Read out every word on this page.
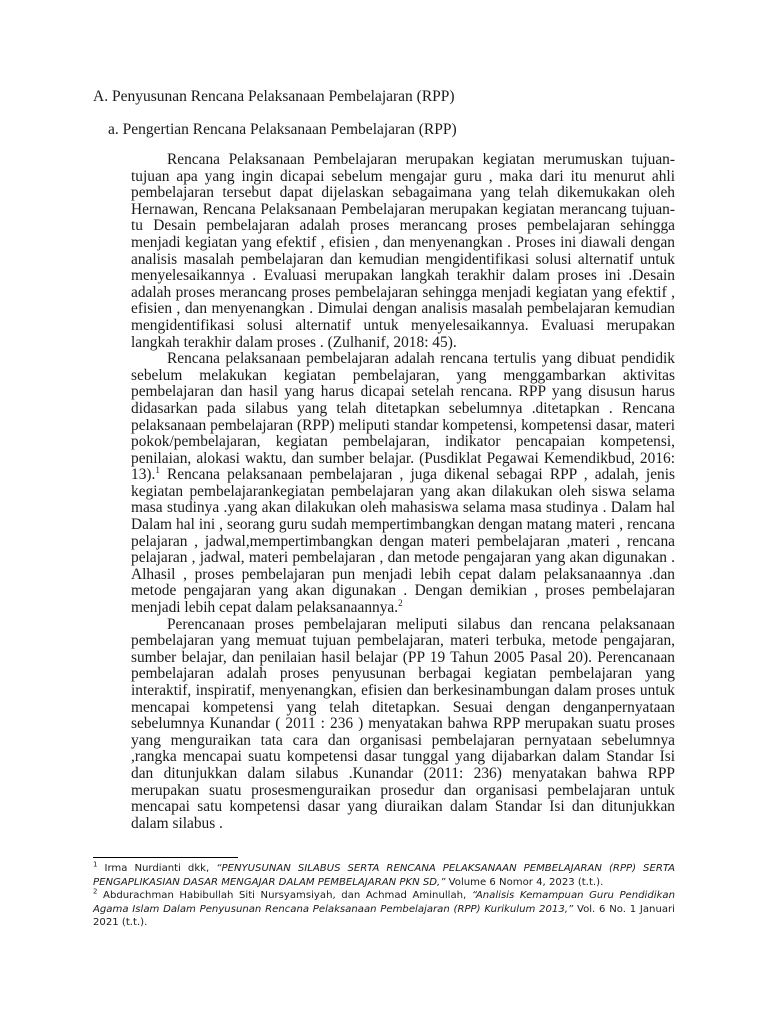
A. Penyusunan Rencana Pelaksanaan Pembelajaran (RPP)
a. Pengertian Rencana Pelaksanaan Pembelajaran (RPP)

Rencana Pelaksanaan Pembelajaran merupakan kegiatan merumuskan tujuan-tujuan apa yang ingin dicapai sebelum mengajar guru , maka dari itu menurut ahli pembelajaran tersebut dapat dijelaskan sebagaimana yang telah dikemukakan oleh Hernawan, Rencana Pelaksanaan Pembelajaran merupakan kegiatan merancang tujuan-tu Desain pembelajaran adalah proses merancang proses pembelajaran sehingga menjadi kegiatan yang efektif , efisien , dan menyenangkan . Proses ini diawali dengan analisis masalah pembelajaran dan kemudian mengidentifikasi solusi alternatif untuk menyelesaikannya . Evaluasi merupakan langkah terakhir dalam proses ini .Desain adalah proses merancang proses pembelajaran sehingga menjadi kegiatan yang efektif , efisien , dan menyenangkan . Dimulai dengan analisis masalah pembelajaran kemudian mengidentifikasi solusi alternatif untuk menyelesaikannya. Evaluasi merupakan langkah terakhir dalam proses . (Zulhanif, 2018: 45).

Rencana pelaksanaan pembelajaran adalah rencana tertulis yang dibuat pendidik sebelum melakukan kegiatan pembelajaran, yang menggambarkan aktivitas pembelajaran dan hasil yang harus dicapai setelah rencana. RPP yang disusun harus didasarkan pada silabus yang telah ditetapkan sebelumnya .ditetapkan . Rencana pelaksanaan pembelajaran (RPP) meliputi standar kompetensi, kompetensi dasar, materi pokok/pembelajaran, kegiatan pembelajaran, indikator pencapaian kompetensi, penilaian, alokasi waktu, dan sumber belajar. (Pusdiklat Pegawai Kemendikbud, 2016: 13).$^1$ Rencana pelaksanaan pembelajaran , juga dikenal sebagai RPP , adalah, jenis kegiatan pembelajarankegiatan pembelajaran yang akan dilakukan oleh siswa selama masa studinya .yang akan dilakukan oleh mahasiswa selama masa studinya . Dalam hal Dalam hal ini , seorang guru sudah mempertimbangkan dengan matang materi , rencana pelajaran , jadwal,mempertimbangkan dengan materi pembelajaran ,materi , rencana pelajaran , jadwal, materi pembelajaran , dan metode pengajaran yang akan digunakan . Alhasil , proses pembelajaran pun menjadi lebih cepat dalam pelaksanaannya .dan metode pengajaran yang akan digunakan . Dengan demikian , proses pembelajaran menjadi lebih cepat dalam pelaksanaannya.$^2$

Perencanaan proses pembelajaran meliputi silabus dan rencana pelaksanaan pembelajaran yang memuat tujuan pembelajaran, materi terbuka, metode pengajaran, sumber belajar, dan penilaian hasil belajar (PP 19 Tahun 2005 Pasal 20). Perencanaan pembelajaran adalah proses penyusunan berbagai kegiatan pembelajaran yang interaktif, inspiratif, menyenangkan, efisien dan berkesinambungan dalam proses untuk mencapai kompetensi yang telah ditetapkan. Sesuai dengan denganpernyataan sebelumnya Kunandar ( 2011 : 236 ) menyatakan bahwa RPP merupakan suatu proses yang menguraikan tata cara dan organisasi pembelajaran pernyataan sebelumnya ,rangka mencapai suatu kompetensi dasar tunggal yang dijabarkan dalam Standar Isi dan ditunjukkan dalam silabus .Kunandar (2011: 236) menyatakan bahwa RPP merupakan suatu prosesmenguraikan prosedur dan organisasi pembelajaran untuk mencapai satu kompetensi dasar yang diuraikan dalam Standar Isi dan ditunjukkan dalam silabus .

$^1$ Irma Nurdianti dkk, “PENYUSUNAN SILABUS SERTA RENCANA PELAKSANAAN PEMBELAJARAN (RPP) SERTA PENGAPLIKASIAN DASAR MENGAJAR DALAM PEMBELAJARAN PKN SD,” Volume 6 Nomor 4, 2023 (t.t.).

$^2$ Abdurachman Habibullah Siti Nursyamsiyah, dan Achmad Aminullah, “Analisis Kemampuan Guru Pendidikan Agama Islam Dalam Penyusunan Rencana Pelaksanaan Pembelajaran (RPP) Kurikulum 2013,” Vol. 6 No. 1 Januari 2021 (t.t.).
